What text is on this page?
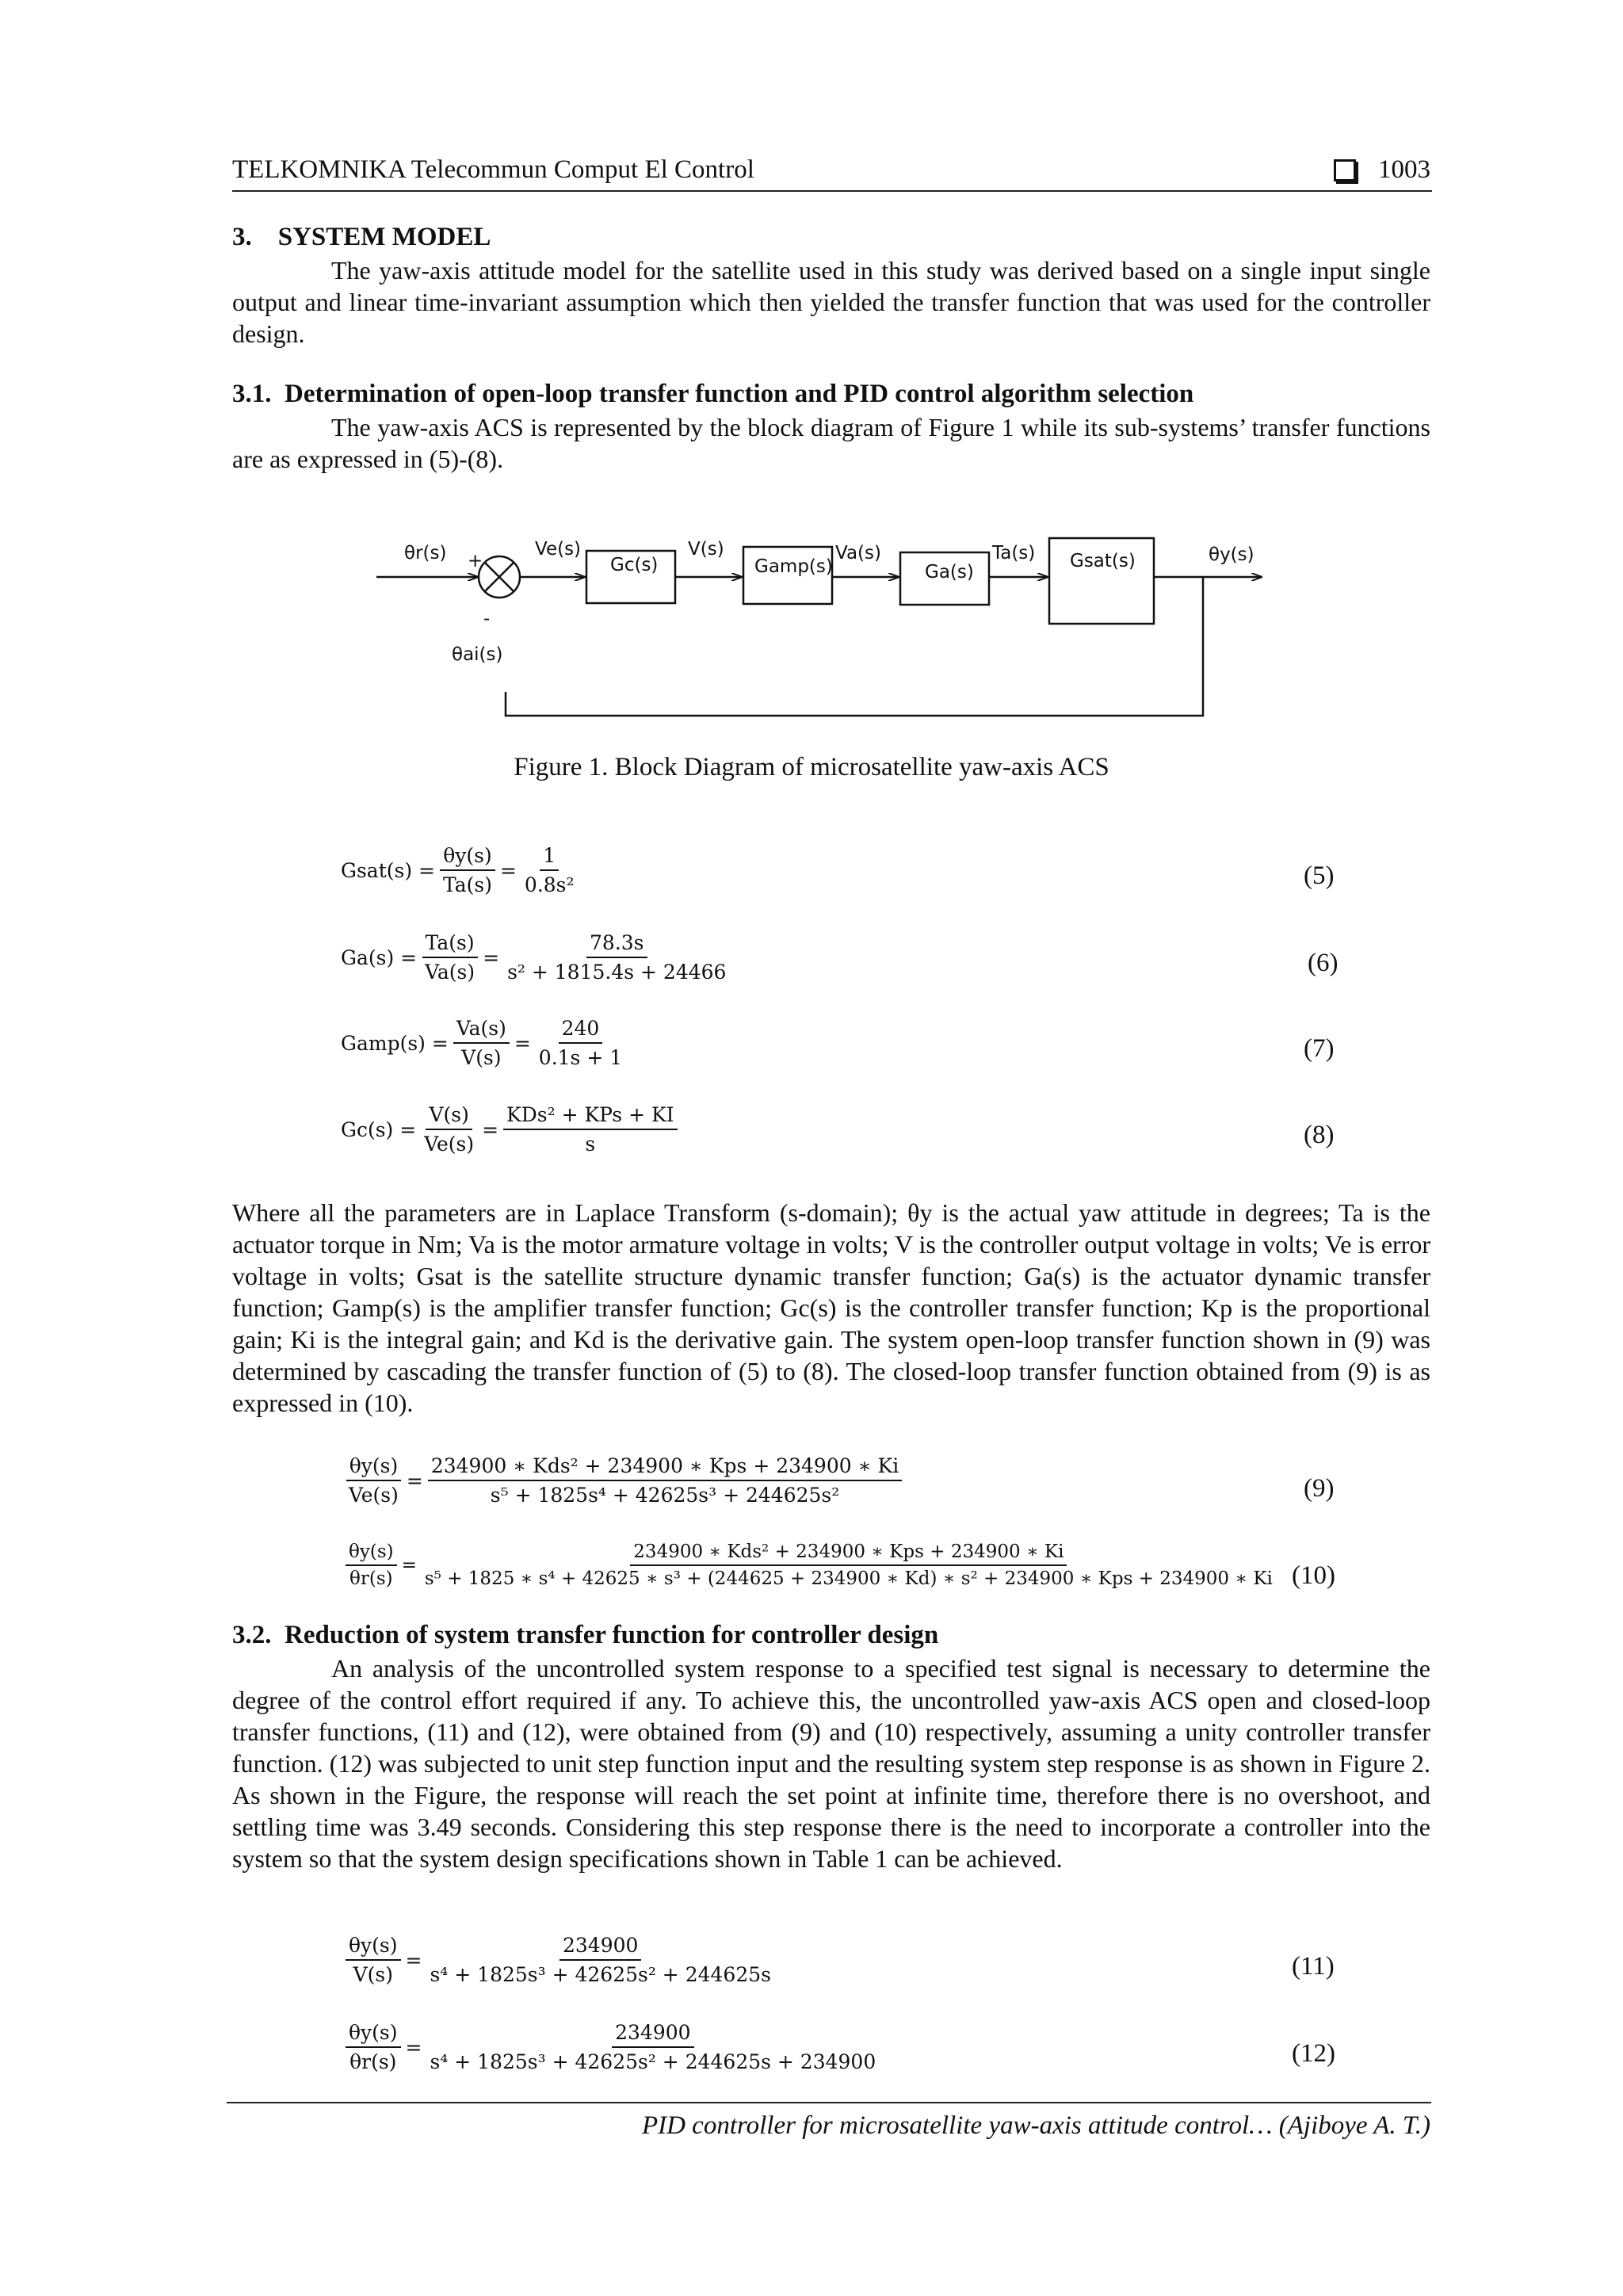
TELKOMNIKA Telecommun Comput El Control	1003
3.    SYSTEM MODEL

The yaw-axis attitude model for the satellite used in this study was derived based on a single input single output and linear time-invariant assumption which then yielded the transfer function that was used for the controller design.

3.1.  Determination of open-loop transfer function and PID control algorithm selection

The yaw-axis ACS is represented by the block diagram of Figure 1 while its sub-systems’ transfer functions are as expressed in (5)-(8).

θr(s) +
-
θai(s)
Ve(s)
Gc(s)
V(s)
Gamp(s)
Va(s)
Ga(s)
Ta(s) Gsat(s)	θy(s)
Figure 1. Block Diagram of microsatellite yaw-axis ACS
Gsat(s) = $\frac{\theta y(s)}{Ta(s)} = \frac{1}{\text{0.8s²}}$	(5)
$Ga(s) = \frac{Ta(s)}{Va(s)} = \frac{78.3s}{\text{s² + 1815.4s + 24466}}$	(6)
Gamp(s) = $\frac{Va(s)}{V(s)} = \frac{240}{0.1s + 1}$	(7)
$Gc(s) = \frac{V(s)}{Ve(s)} = \frac{\text{KDs² + KPs + KI}}{s}$	(8)

Where all the parameters are in Laplace Transform (s-domain); θy is the actual yaw attitude in degrees; Ta is the actuator torque in Nm; Va is the motor armature voltage in volts; V is the controller output voltage in volts; Ve is error voltage in volts; Gsat is the satellite structure dynamic transfer function; Ga(s) is the actuator dynamic transfer function; Gamp(s) is the amplifier transfer function; Gc(s) is the controller transfer function; Kp is the proportional gain; Ki is the integral gain; and Kd is the derivative gain. The system open-loop transfer function shown in (9) was determined by cascading the transfer function of (5) to (8). The closed-loop transfer function obtained from (9) is as expressed in (10).

$\frac{\theta y(s)}{Ve(s)} = \frac{\text{234900 ∗ Kds² + 234900 ∗ Kps + 234900 ∗ Ki}}{\text{s⁵ + 1825s⁴ + 42625s³ + 244625s²}}$	(9)
$\frac{\theta y(s)}{\theta r(s)}$ =
234900 ∗ Kds² + 234900 ∗ Kps + 234900 ∗ Ki
s⁵ + 1825 ∗ s⁴ + 42625 ∗ s³ + (244625 + 234900 ∗ Kd) ∗ s² + 234900 ∗ Kps + 234900 ∗ Ki (10)
3.2.  Reduction of system transfer function for controller design

An analysis of the uncontrolled system response to a specified test signal is necessary to determine the degree of the control effort required if any. To achieve this, the uncontrolled yaw-axis ACS open and closed-loop transfer functions, (11) and (12), were obtained from (9) and (10) respectively, assuming a unity controller transfer function. (12) was subjected to unit step function input and the resulting system step response is as shown in Figure 2. As shown in the Figure, the response will reach the set point at infinite time, therefore there is no overshoot, and settling time was 3.49 seconds. Considering this step response there is the need to incorporate a controller into the system so that the system design specifications shown in Table 1 can be achieved.

$\frac{\theta y(s)}{V(s)} = \frac{234900}{\text{s⁴ + 1825s³ + 42625s² + 244625s}}$	(11)
$\frac{\theta y(s)}{\theta r(s)} = \frac{234900}{\text{s⁴ + 1825s³ + 42625s² + 244625s + 234900}}$	(12)
PID controller for microsatellite yaw-axis attitude control… (Ajiboye A. T.)
